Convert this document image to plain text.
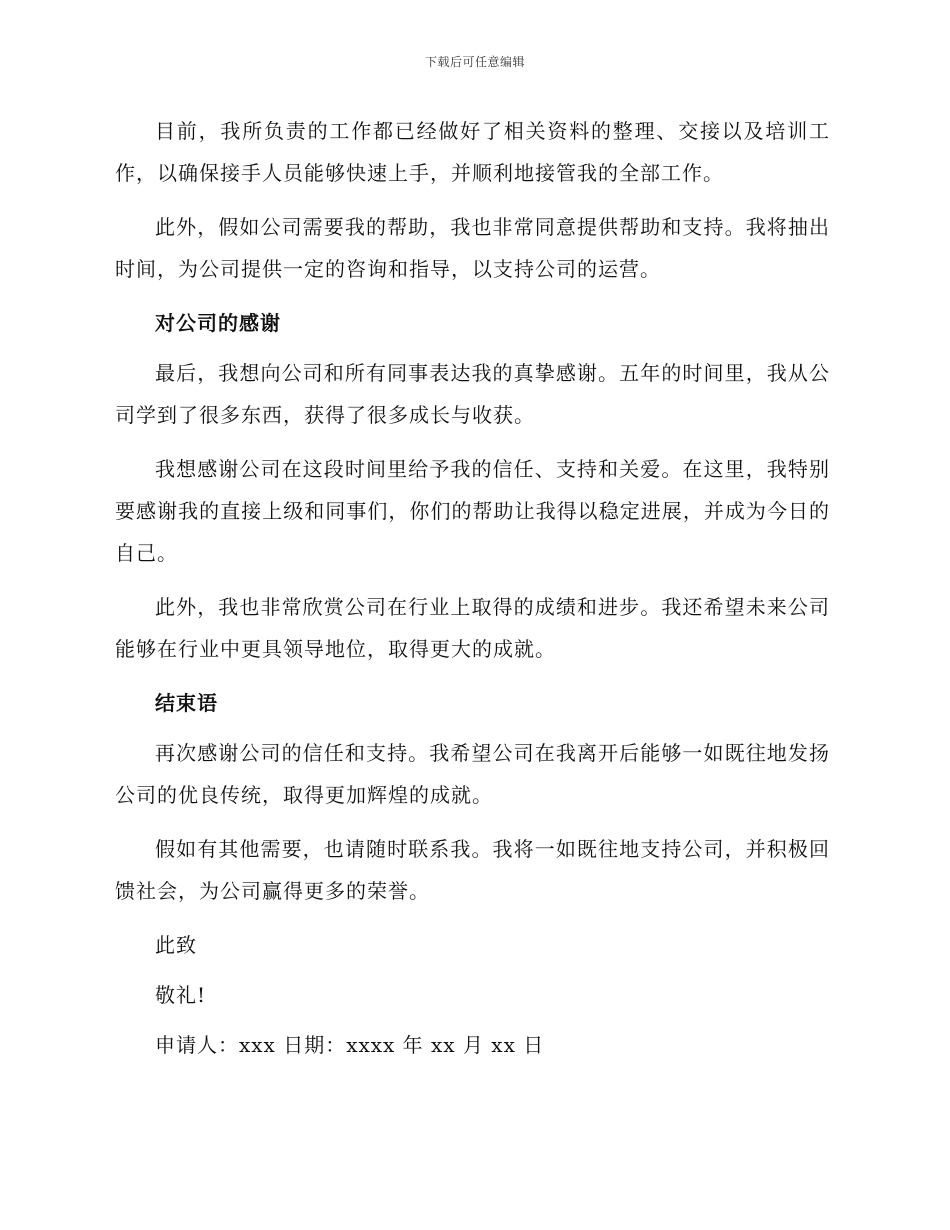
下载后可任意编辑

目前，我所负责的工作都已经做好了相关资料的整理、交接以及培训工作，以确保接手人员能够快速上手，并顺利地接管我的全部工作。

此外，假如公司需要我的帮助，我也非常同意提供帮助和支持。我将抽出时间，为公司提供一定的咨询和指导，以支持公司的运营。

对公司的感谢

最后，我想向公司和所有同事表达我的真挚感谢。五年的时间里，我从公司学到了很多东西，获得了很多成长与收获。

我想感谢公司在这段时间里给予我的信任、支持和关爱。在这里，我特别要感谢我的直接上级和同事们，你们的帮助让我得以稳定进展，并成为今日的自己。

此外，我也非常欣赏公司在行业上取得的成绩和进步。我还希望未来公司能够在行业中更具领导地位，取得更大的成就。

结束语

再次感谢公司的信任和支持。我希望公司在我离开后能够一如既往地发扬公司的优良传统，取得更加辉煌的成就。

假如有其他需要，也请随时联系我。我将一如既往地支持公司，并积极回馈社会，为公司赢得更多的荣誉。

此致

敬礼!

申请人：xxx 日期：xxxx 年 xx 月 xx 日
